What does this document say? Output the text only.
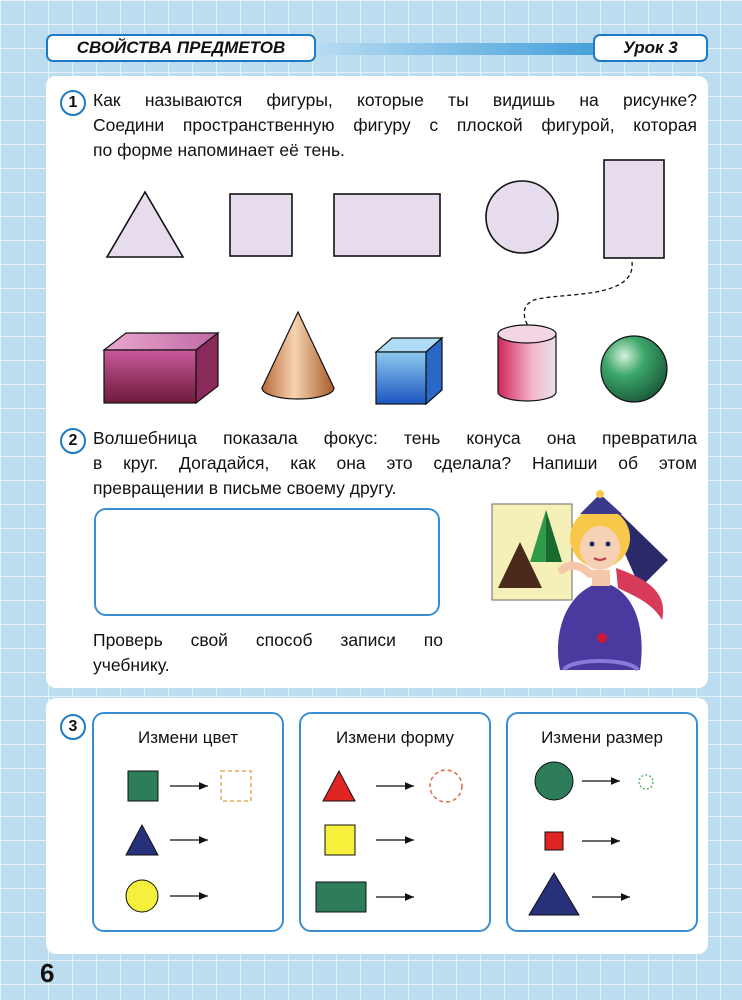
СВОЙСТВА ПРЕДМЕТОВ	Урок 3
1 Как называются фигуры, которые ты видишь на рисунке?
Соедини пространственную фигуру с плоской фигурой, которая
по форме напоминает её тень.
2 Волшебница показала фокус: тень конуса она превратила
в круг. Догадайся, как она это сделала? Напиши об этом
превращении в письме своему другу.
Проверь свой способ записи по
учебнику.
3
Измени цвет	Измени форму	Измени размер
6
